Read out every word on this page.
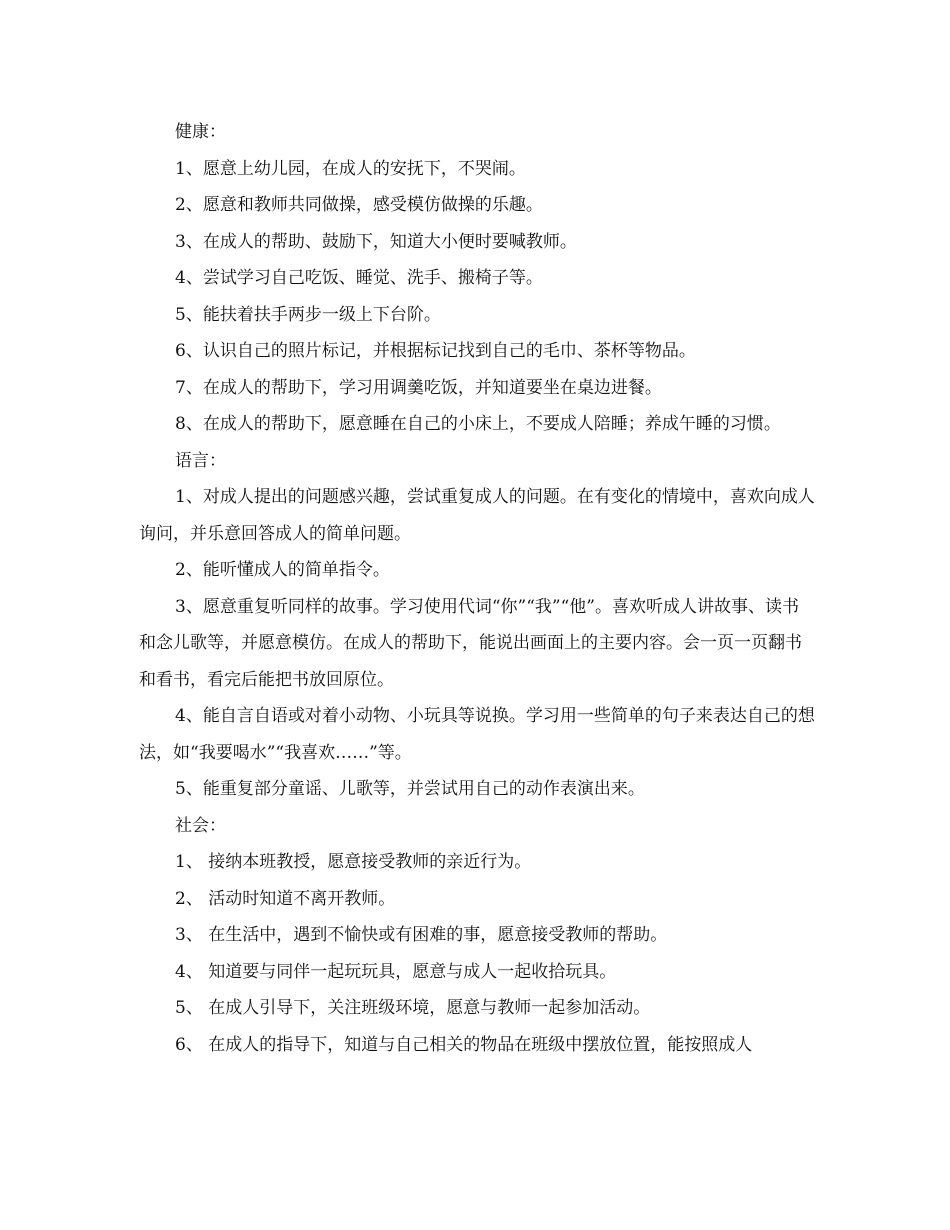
健康：

1、愿意上幼儿园，在成人的安抚下，不哭闹。

2、愿意和教师共同做操，感受模仿做操的乐趣。

3、在成人的帮助、鼓励下，知道大小便时要喊教师。

4、尝试学习自己吃饭、睡觉、洗手、搬椅子等。

5、能扶着扶手两步一级上下台阶。

6、认识自己的照片标记，并根据标记找到自己的毛巾、茶杯等物品。

7、在成人的帮助下，学习用调羹吃饭，并知道要坐在桌边进餐。

8、在成人的帮助下，愿意睡在自己的小床上，不要成人陪睡；养成午睡的习惯。

语言：

1、对成人提出的问题感兴趣，尝试重复成人的问题。在有变化的情境中，喜欢向成人询问，并乐意回答成人的简单问题。

2、能听懂成人的简单指令。

3、愿意重复听同样的故事。学习使用代词“你”“我”“他”。喜欢听成人讲故事、读书和念儿歌等，并愿意模仿。在成人的帮助下，能说出画面上的主要内容。会一页一页翻书和看书，看完后能把书放回原位。

4、能自言自语或对着小动物、小玩具等说换。学习用一些简单的句子来表达自己的想法，如“我要喝水”“我喜欢……”等。

5、能重复部分童谣、儿歌等，并尝试用自己的动作表演出来。

社会：

1、 接纳本班教授，愿意接受教师的亲近行为。

2、 活动时知道不离开教师。

3、 在生活中，遇到不愉快或有困难的事，愿意接受教师的帮助。

4、 知道要与同伴一起玩玩具，愿意与成人一起收拾玩具。

5、 在成人引导下，关注班级环境，愿意与教师一起参加活动。

6、 在成人的指导下，知道与自己相关的物品在班级中摆放位置，能按照成人
